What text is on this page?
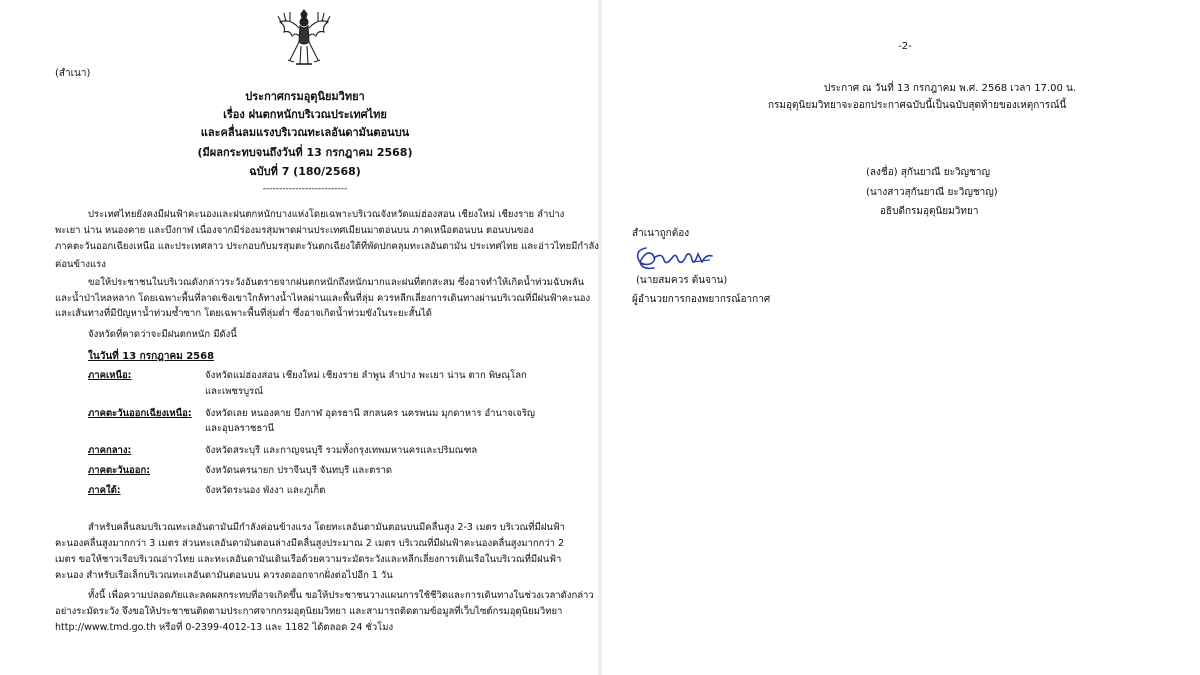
(สำเนา)
ประกาศกรมอุตุนิยมวิทยา
เรื่อง ฝนตกหนักบริเวณประเทศไทย
และคลื่นลมแรงบริเวณทะเลอันดามันตอนบน
(มีผลกระทบจนถึงวันที่ 13 กรกฎาคม 2568)
ฉบับที่ 7 (180/2568)
--------------------------
ประเทศไทยยังคงมีฝนฟ้าคะนองและฝนตกหนักบางแห่งโดยเฉพาะบริเวณจังหวัดแม่ฮ่องสอน เชียงใหม่ เชียงราย ลำปาง
พะเยา น่าน หนองคาย และบึงกาฬ เนื่องจากมีร่องมรสุมพาดผ่านประเทศเมียนมาตอนบน ภาคเหนือตอนบน ตอนบนของ
ภาคตะวันออกเฉียงเหนือ และประเทศลาว ประกอบกับมรสุมตะวันตกเฉียงใต้ที่พัดปกคลุมทะเลอันดามัน ประเทศไทย และอ่าวไทยมีกำลัง
ค่อนข้างแรง
ขอให้ประชาชนในบริเวณดังกล่าวระวังอันตรายจากฝนตกหนักถึงหนักมากและฝนที่ตกสะสม ซึ่งอาจทำให้เกิดน้ำท่วมฉับพลัน
และน้ำป่าไหลหลาก โดยเฉพาะพื้นที่ลาดเชิงเขาใกล้ทางน้ำไหลผ่านและพื้นที่ลุ่ม ควรหลีกเลี่ยงการเดินทางผ่านบริเวณที่มีฝนฟ้าคะนอง
และเส้นทางที่มีปัญหาน้ำท่วมซ้ำซาก โดยเฉพาะพื้นที่ลุ่มต่ำ ซึ่งอาจเกิดน้ำท่วมขังในระยะสั้นได้
จังหวัดที่คาดว่าจะมีฝนตกหนัก มีดังนี้
ในวันที่ 13 กรกฎาคม 2568
ภาคเหนือ:	จังหวัดแม่ฮ่องสอน เชียงใหม่ เชียงราย ลำพูน ลำปาง พะเยา น่าน ตาก พิษณุโลก
และเพชรบูรณ์
ภาคตะวันออกเฉียงเหนือ: จังหวัดเลย หนองคาย บึงกาฬ อุดรธานี สกลนคร นครพนม มุกดาหาร อำนาจเจริญ
และอุบลราชธานี
ภาคกลาง:	จังหวัดสระบุรี และกาญจนบุรี รวมทั้งกรุงเทพมหานครและปริมณฑล
ภาคตะวันออก:	จังหวัดนครนายก ปราจีนบุรี จันทบุรี และตราด
ภาคใต้:	จังหวัดระนอง พังงา และภูเก็ต
สำหรับคลื่นลมบริเวณทะเลอันดามันมีกำลังค่อนข้างแรง โดยทะเลอันดามันตอนบนมีคลื่นสูง 2-3 เมตร บริเวณที่มีฝนฟ้า
คะนองคลื่นสูงมากกว่า 3 เมตร ส่วนทะเลอันดามันตอนล่างมีคลื่นสูงประมาณ 2 เมตร บริเวณที่มีฝนฟ้าคะนองคลื่นสูงมากกว่า 2
เมตร ขอให้ชาวเรือบริเวณอ่าวไทย และทะเลอันดามันเดินเรือด้วยความระมัดระวังและหลีกเลี่ยงการเดินเรือในบริเวณที่มีฝนฟ้า
คะนอง สำหรับเรือเล็กบริเวณทะเลอันดามันตอนบน ควรงดออกจากฝั่งต่อไปอีก 1 วัน
ทั้งนี้ เพื่อความปลอดภัยและลดผลกระทบที่อาจเกิดขึ้น ขอให้ประชาชนวางแผนการใช้ชีวิตและการเดินทางในช่วงเวลาดังกล่าว
อย่างระมัดระวัง จึงขอให้ประชาชนติดตามประกาศจากกรมอุตุนิยมวิทยา และสามารถติดตามข้อมูลที่เว็บไซต์กรมอุตุนิยมวิทยา
http://www.tmd.go.th หรือที่ 0-2399-4012-13 และ 1182 ได้ตลอด 24 ชั่วโมง
-2-
ประกาศ ณ วันที่ 13 กรกฎาคม พ.ศ. 2568 เวลา 17.00 น.
กรมอุตุนิยมวิทยาจะออกประกาศฉบับนี้เป็นฉบับสุดท้ายของเหตุการณ์นี้
(ลงชื่อ) สุกันยาณี ยะวิญชาญ
(นางสาวสุกันยาณี ยะวิญชาญ)
อธิบดีกรมอุตุนิยมวิทยา
สำเนาถูกต้อง
(นายสมควร ต้นจาน)
ผู้อำนวยการกองพยากรณ์อากาศ
